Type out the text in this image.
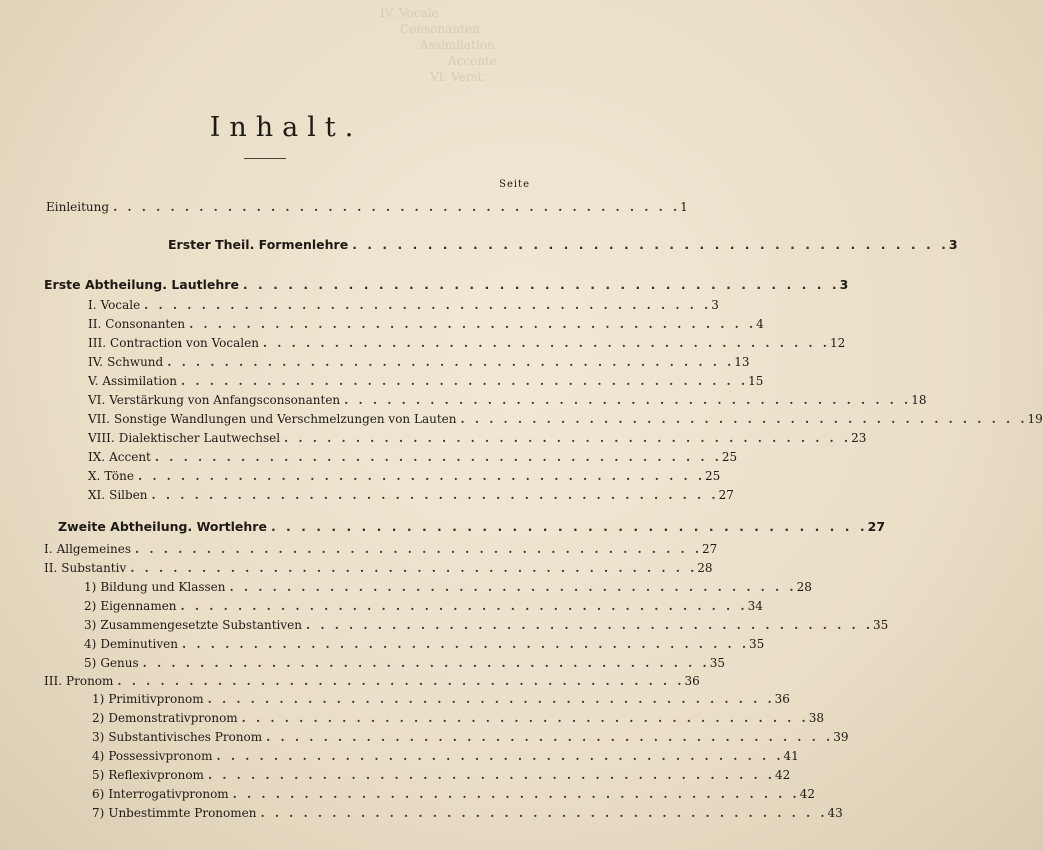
IV. Vocale
Consonanten
Assimilation
Accente
VI. Verst.
Inhalt.
Seite
Einleitung . . . . . . . . . . . . . . . . . . . . . . . . . . . . . . . . . . . . . . . . 1
Erster Theil. Formenlehre . . . . . . . . . . . . . . . . . . . . . . . . . . . . . . . . . . . . . . . . 3
Erste Abtheilung. Lautlehre . . . . . . . . . . . . . . . . . . . . . . . . . . . . . . . . . . . . . . . . 3
I. Vocale . . . . . . . . . . . . . . . . . . . . . . . . . . . . . . . . . . . . . . . . 3
II. Consonanten . . . . . . . . . . . . . . . . . . . . . . . . . . . . . . . . . . . . . . . . 4
III. Contraction von Vocalen . . . . . . . . . . . . . . . . . . . . . . . . . . . . . . . . . . . . . . . . 12
IV. Schwund . . . . . . . . . . . . . . . . . . . . . . . . . . . . . . . . . . . . . . . . 13
V. Assimilation . . . . . . . . . . . . . . . . . . . . . . . . . . . . . . . . . . . . . . . . 15
VI. Verstärkung von Anfangsconsonanten . . . . . . . . . . . . . . . . . . . . . . . . . . . . . . . . . . . . . . . . 18
VII. Sonstige Wandlungen und Verschmelzungen von Lauten . . . . . . . . . . . . . . . . . . . . . . . . . . . . . . . . . . . . . . . . 19
VIII. Dialektischer Lautwechsel . . . . . . . . . . . . . . . . . . . . . . . . . . . . . . . . . . . . . . . . 23
IX. Accent . . . . . . . . . . . . . . . . . . . . . . . . . . . . . . . . . . . . . . . . 25
X. Töne . . . . . . . . . . . . . . . . . . . . . . . . . . . . . . . . . . . . . . . . 25
XI. Silben . . . . . . . . . . . . . . . . . . . . . . . . . . . . . . . . . . . . . . . . 27
Zweite Abtheilung. Wortlehre . . . . . . . . . . . . . . . . . . . . . . . . . . . . . . . . . . . . . . . . 27
I. Allgemeines . . . . . . . . . . . . . . . . . . . . . . . . . . . . . . . . . . . . . . . . 27
II. Substantiv . . . . . . . . . . . . . . . . . . . . . . . . . . . . . . . . . . . . . . . . 28
1) Bildung und Klassen . . . . . . . . . . . . . . . . . . . . . . . . . . . . . . . . . . . . . . . . 28
2) Eigennamen . . . . . . . . . . . . . . . . . . . . . . . . . . . . . . . . . . . . . . . . 34
3) Zusammengesetzte Substantiven . . . . . . . . . . . . . . . . . . . . . . . . . . . . . . . . . . . . . . . . 35
4) Deminutiven . . . . . . . . . . . . . . . . . . . . . . . . . . . . . . . . . . . . . . . . 35
5) Genus . . . . . . . . . . . . . . . . . . . . . . . . . . . . . . . . . . . . . . . . 35
III. Pronom . . . . . . . . . . . . . . . . . . . . . . . . . . . . . . . . . . . . . . . . 36
1) Primitivpronom . . . . . . . . . . . . . . . . . . . . . . . . . . . . . . . . . . . . . . . . 36
2) Demonstrativpronom . . . . . . . . . . . . . . . . . . . . . . . . . . . . . . . . . . . . . . . . 38
3) Substantivisches Pronom . . . . . . . . . . . . . . . . . . . . . . . . . . . . . . . . . . . . . . . . 39
4) Possessivpronom . . . . . . . . . . . . . . . . . . . . . . . . . . . . . . . . . . . . . . . . 41
5) Reflexivpronom . . . . . . . . . . . . . . . . . . . . . . . . . . . . . . . . . . . . . . . . 42
6) Interrogativpronom . . . . . . . . . . . . . . . . . . . . . . . . . . . . . . . . . . . . . . . . 42
7) Unbestimmte Pronomen . . . . . . . . . . . . . . . . . . . . . . . . . . . . . . . . . . . . . . . . 43
